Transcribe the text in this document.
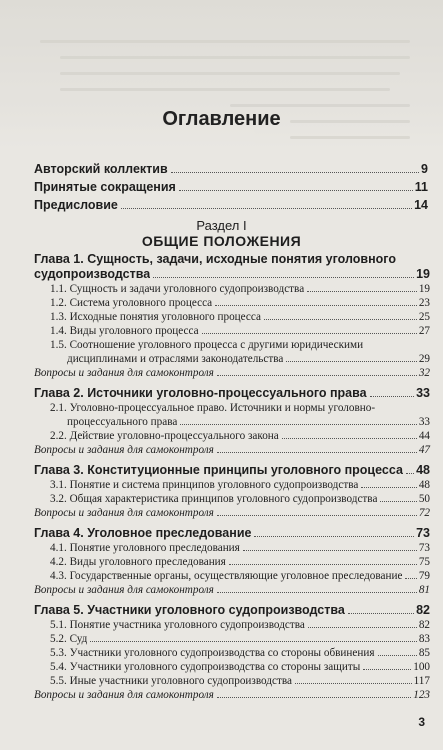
Оглавление
Авторский коллектив	9
Принятые сокращения	11
Предисловие	14
Раздел I
ОБЩИЕ ПОЛОЖЕНИЯ
Глава 1. Сущность, задачи, исходные понятия уголовного
судопроизводства	19
1.1. Сущность и задачи уголовного судопроизводства	19
1.2. Система уголовного процесса	23
1.3. Исходные понятия уголовного процесса	25
1.4. Виды уголовного процесса	27
1.5. Соотношение уголовного процесса с другими юридическими
дисциплинами и отраслями законодательства	29
Вопросы и задания для самоконтроля	32
Глава 2. Источники уголовно-процессуального права	33
2.1. Уголовно-процессуальное право. Источники и нормы уголовно-
процессуального права	33
2.2. Действие уголовно-процессуального закона	44
Вопросы и задания для самоконтроля	47
Глава 3. Конституционные принципы уголовного процесса 48
3.1. Понятие и система принципов уголовного судопроизводства	48
3.2. Общая характеристика принципов уголовного судопроизводства	50
Вопросы и задания для самоконтроля	72
Глава 4. Уголовное преследование	73
4.1. Понятие уголовного преследования	73
4.2. Виды уголовного преследования	75
4.3. Государственные органы, осуществляющие уголовное преследование 79
Вопросы и задания для самоконтроля	81
Глава 5. Участники уголовного судопроизводства	82
5.1. Понятие участника уголовного судопроизводства	82
5.2. Суд	83
5.3. Участники уголовного судопроизводства со стороны обвинения	85
5.4. Участники уголовного судопроизводства со стороны защиты	100
5.5. Иные участники уголовного судопроизводства	117
Вопросы и задания для самоконтроля	123
3
